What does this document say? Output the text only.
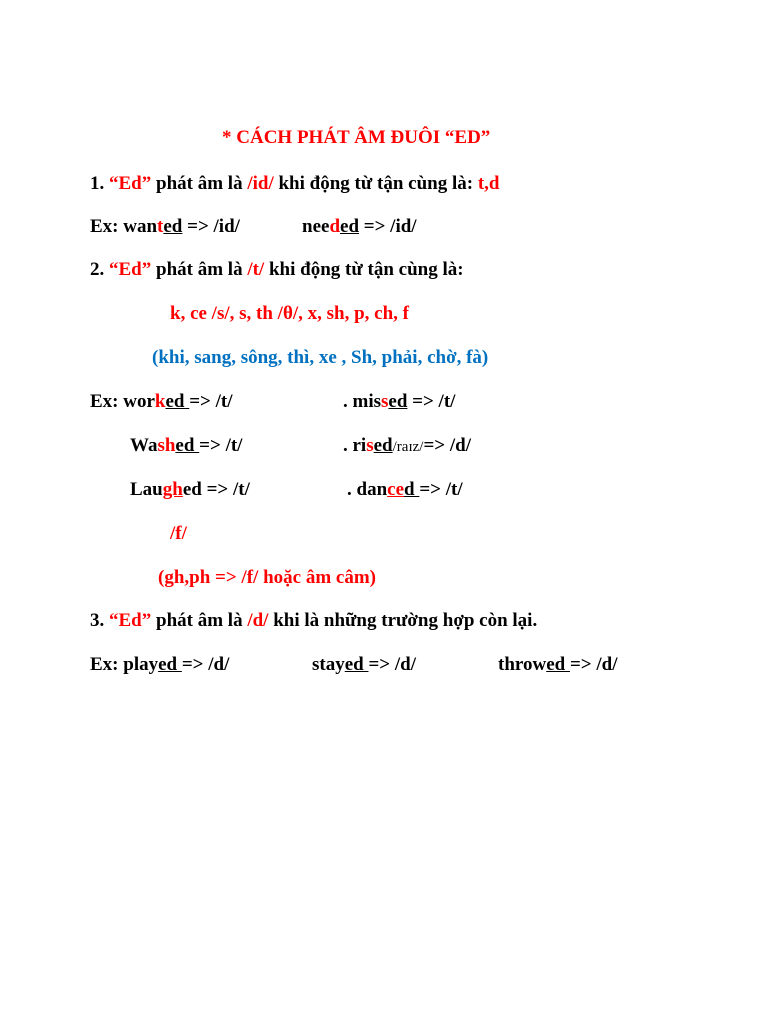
* CÁCH PHÁT ÂM ĐUÔI “ED”
1. “Ed” phát âm là /id/ khi động từ tận cùng là: t,d
Ex: wanted => /id/	needed => /id/
2. “Ed” phát âm là /t/ khi động từ tận cùng là:
k, ce /s/, s, th /θ/, x, sh, p, ch, f
(khi, sang, sông, thì, xe , Sh, phải, chờ, fà)
Ex: worked => /t/	. missed => /t/
Washed => /t/	. rised/raɪz/=> /d/
Laughed => /t/	. danced => /t/
/f/
(gh,ph => /f/ hoặc âm câm)
3. “Ed” phát âm là /d/ khi là những trường hợp còn lại.
Ex: played => /d/	stayed => /d/	throwed => /d/
